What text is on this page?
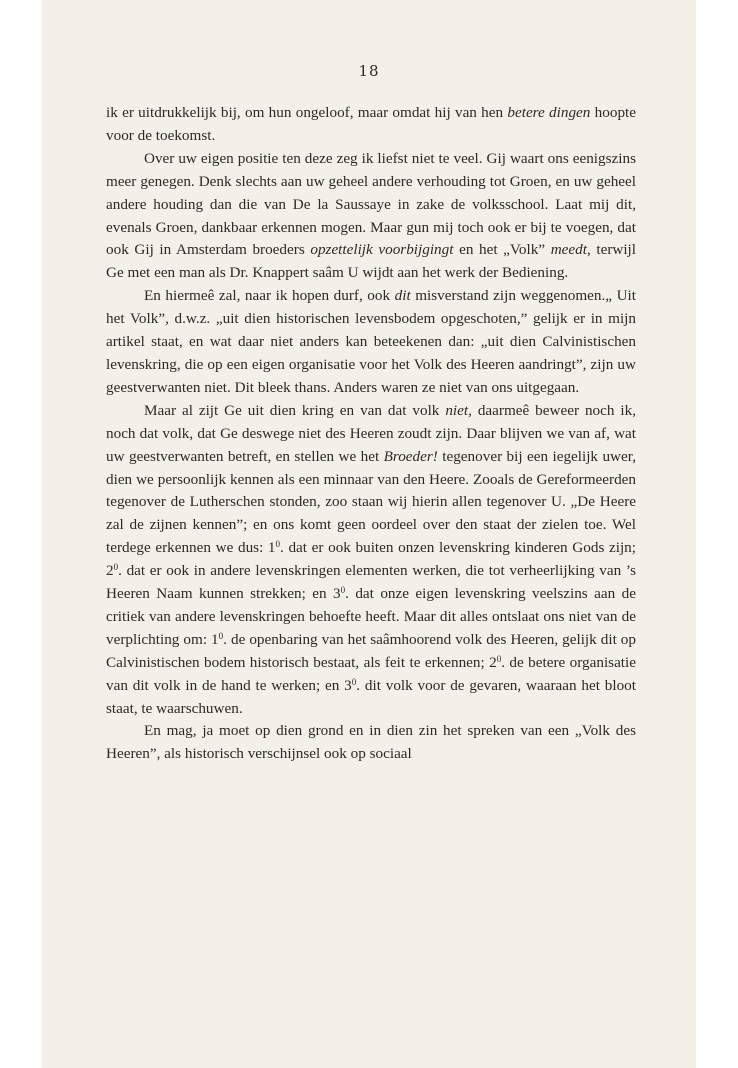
18

ik er uitdrukkelijk bij, om hun ongeloof, maar omdat hij van hen betere dingen hoopte voor de toekomst.

Over uw eigen positie ten deze zeg ik liefst niet te veel. Gij waart ons eenigszins meer genegen. Denk slechts aan uw geheel andere verhouding tot Groen, en uw geheel andere houding dan die van De la Saussaye in zake de volksschool. Laat mij dit, evenals Groen, dankbaar erkennen mogen. Maar gun mij toch ook er bij te voegen, dat ook Gij in Amsterdam broeders opzettelijk voorbijgingt en het „Volk” meedt, terwijl Ge met een man als Dr. Knappert saâm U wijdt aan het werk der Bediening.

En hiermeê zal, naar ik hopen durf, ook dit misverstand zijn weggenomen.„ Uit het Volk”, d.w.z. „uit dien historischen levensbodem opgeschoten,” gelijk er in mijn artikel staat, en wat daar niet anders kan beteekenen dan: „uit dien Calvinistischen levenskring, die op een eigen organisatie voor het Volk des Heeren aandringt”, zijn uw geestverwanten niet. Dit bleek thans. Anders waren ze niet van ons uitgegaan.

Maar al zijt Ge uit dien kring en van dat volk niet, daarmeê beweer noch ik, noch dat volk, dat Ge deswege niet des Heeren zoudt zijn. Daar blijven we van af, wat uw geestverwanten betreft, en stellen we het Broeder! tegenover bij een iegelijk uwer, dien we persoonlijk kennen als een minnaar van den Heere. Zooals de Gereformeerden tegenover de Lutherschen stonden, zoo staan wij hierin allen tegenover U. „De Heere zal de zijnen kennen”; en ons komt geen oordeel over den staat der zielen toe. Wel terdege erkennen we dus: $1^0$. dat er ook buiten onzen levenskring kinderen Gods zijn; $2^0$. dat er ook in andere levenskringen elementen werken, die tot verheerlijking van ’s Heeren Naam kunnen strekken; en $3^0$. dat onze eigen levenskring veelszins aan de critiek van andere levenskringen behoefte heeft. Maar dit alles ontslaat ons niet van de verplichting om: $1^0$. de openbaring van het saâmhoorend volk des Heeren, gelijk dit op Calvinistischen bodem historisch bestaat, als feit te erkennen; $2^0$. de betere organisatie van dit volk in de hand te werken; en $3^0$. dit volk voor de gevaren, waaraan het bloot staat, te waarschuwen.

En mag, ja moet op dien grond en in dien zin het spreken van een „Volk des Heeren”, als historisch verschijnsel ook op sociaal
